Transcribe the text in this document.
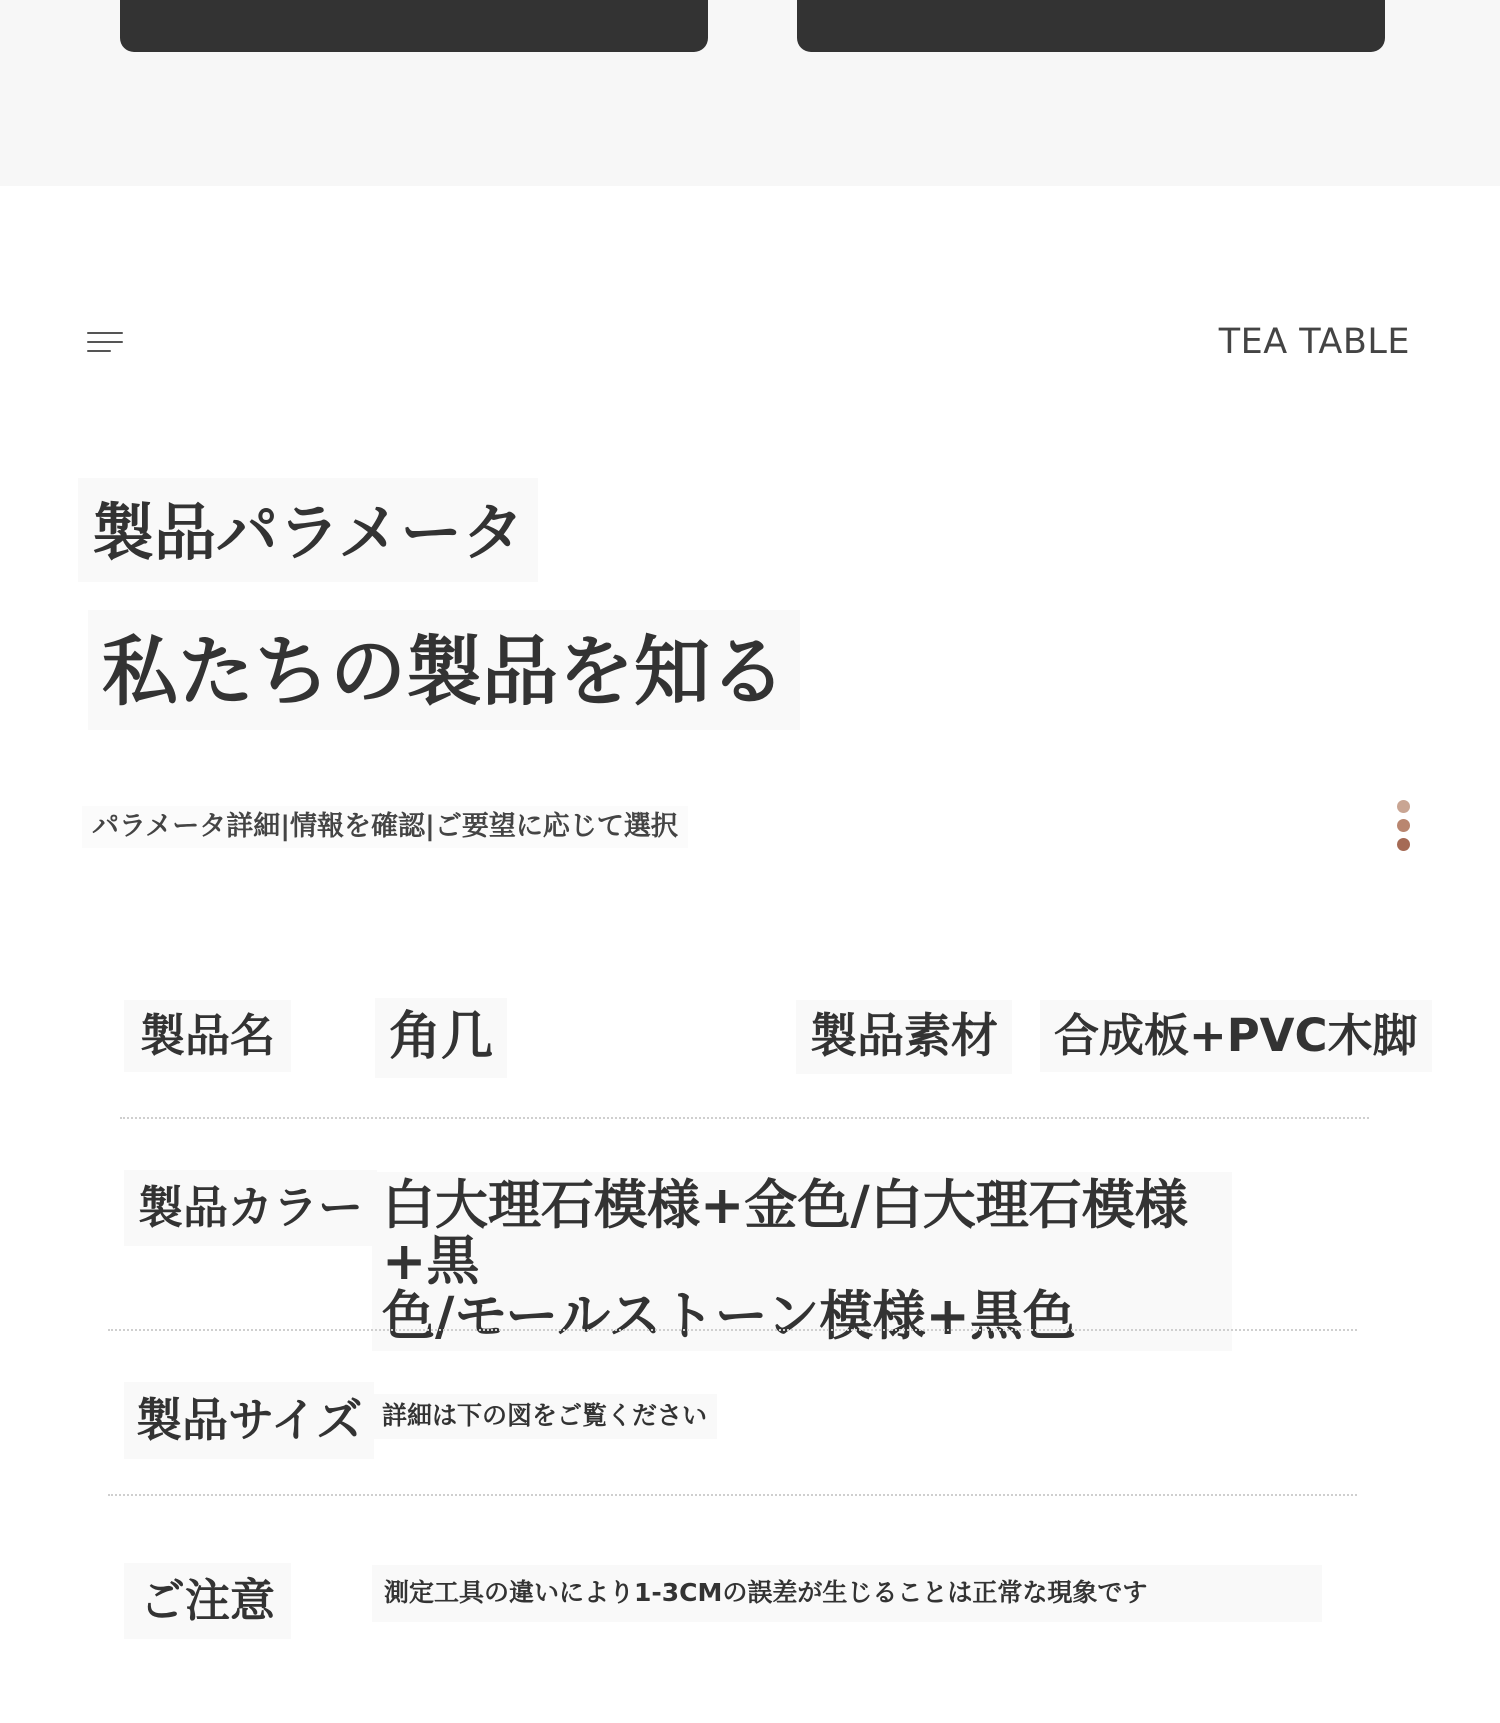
TEA TABLE
製品パラメータ
私たちの製品を知る
パラメータ詳細|情報を確認|ご要望に応じて選択
製品名	角几	製品素材	合成板+PVC木脚
製品カラー 白大理石模様+金色/白大理石模様+黒
色/モールストーン模様+黒色
製品サイズ 詳細は下の図をご覧ください
ご注意	測定工具の違いにより1-3CMの誤差が生じることは正常な現象です
